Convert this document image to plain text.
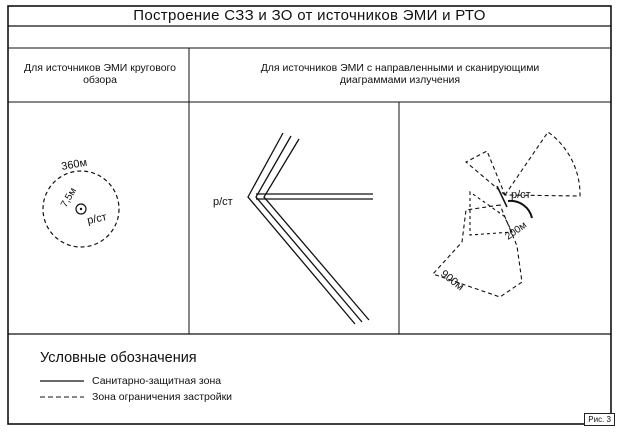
360м
7,5м
р/ст
р/ст
р/ст
200м
900м
Построение СЗЗ и ЗО от источников ЭМИ и РТО
Для источников ЭМИ кругового обзора
Для источников ЭМИ с направленными и сканирующими диаграммами излучения
Условные обозначения
Санитарно-защитная зона
Зона ограничения застройки
Рис. 3
